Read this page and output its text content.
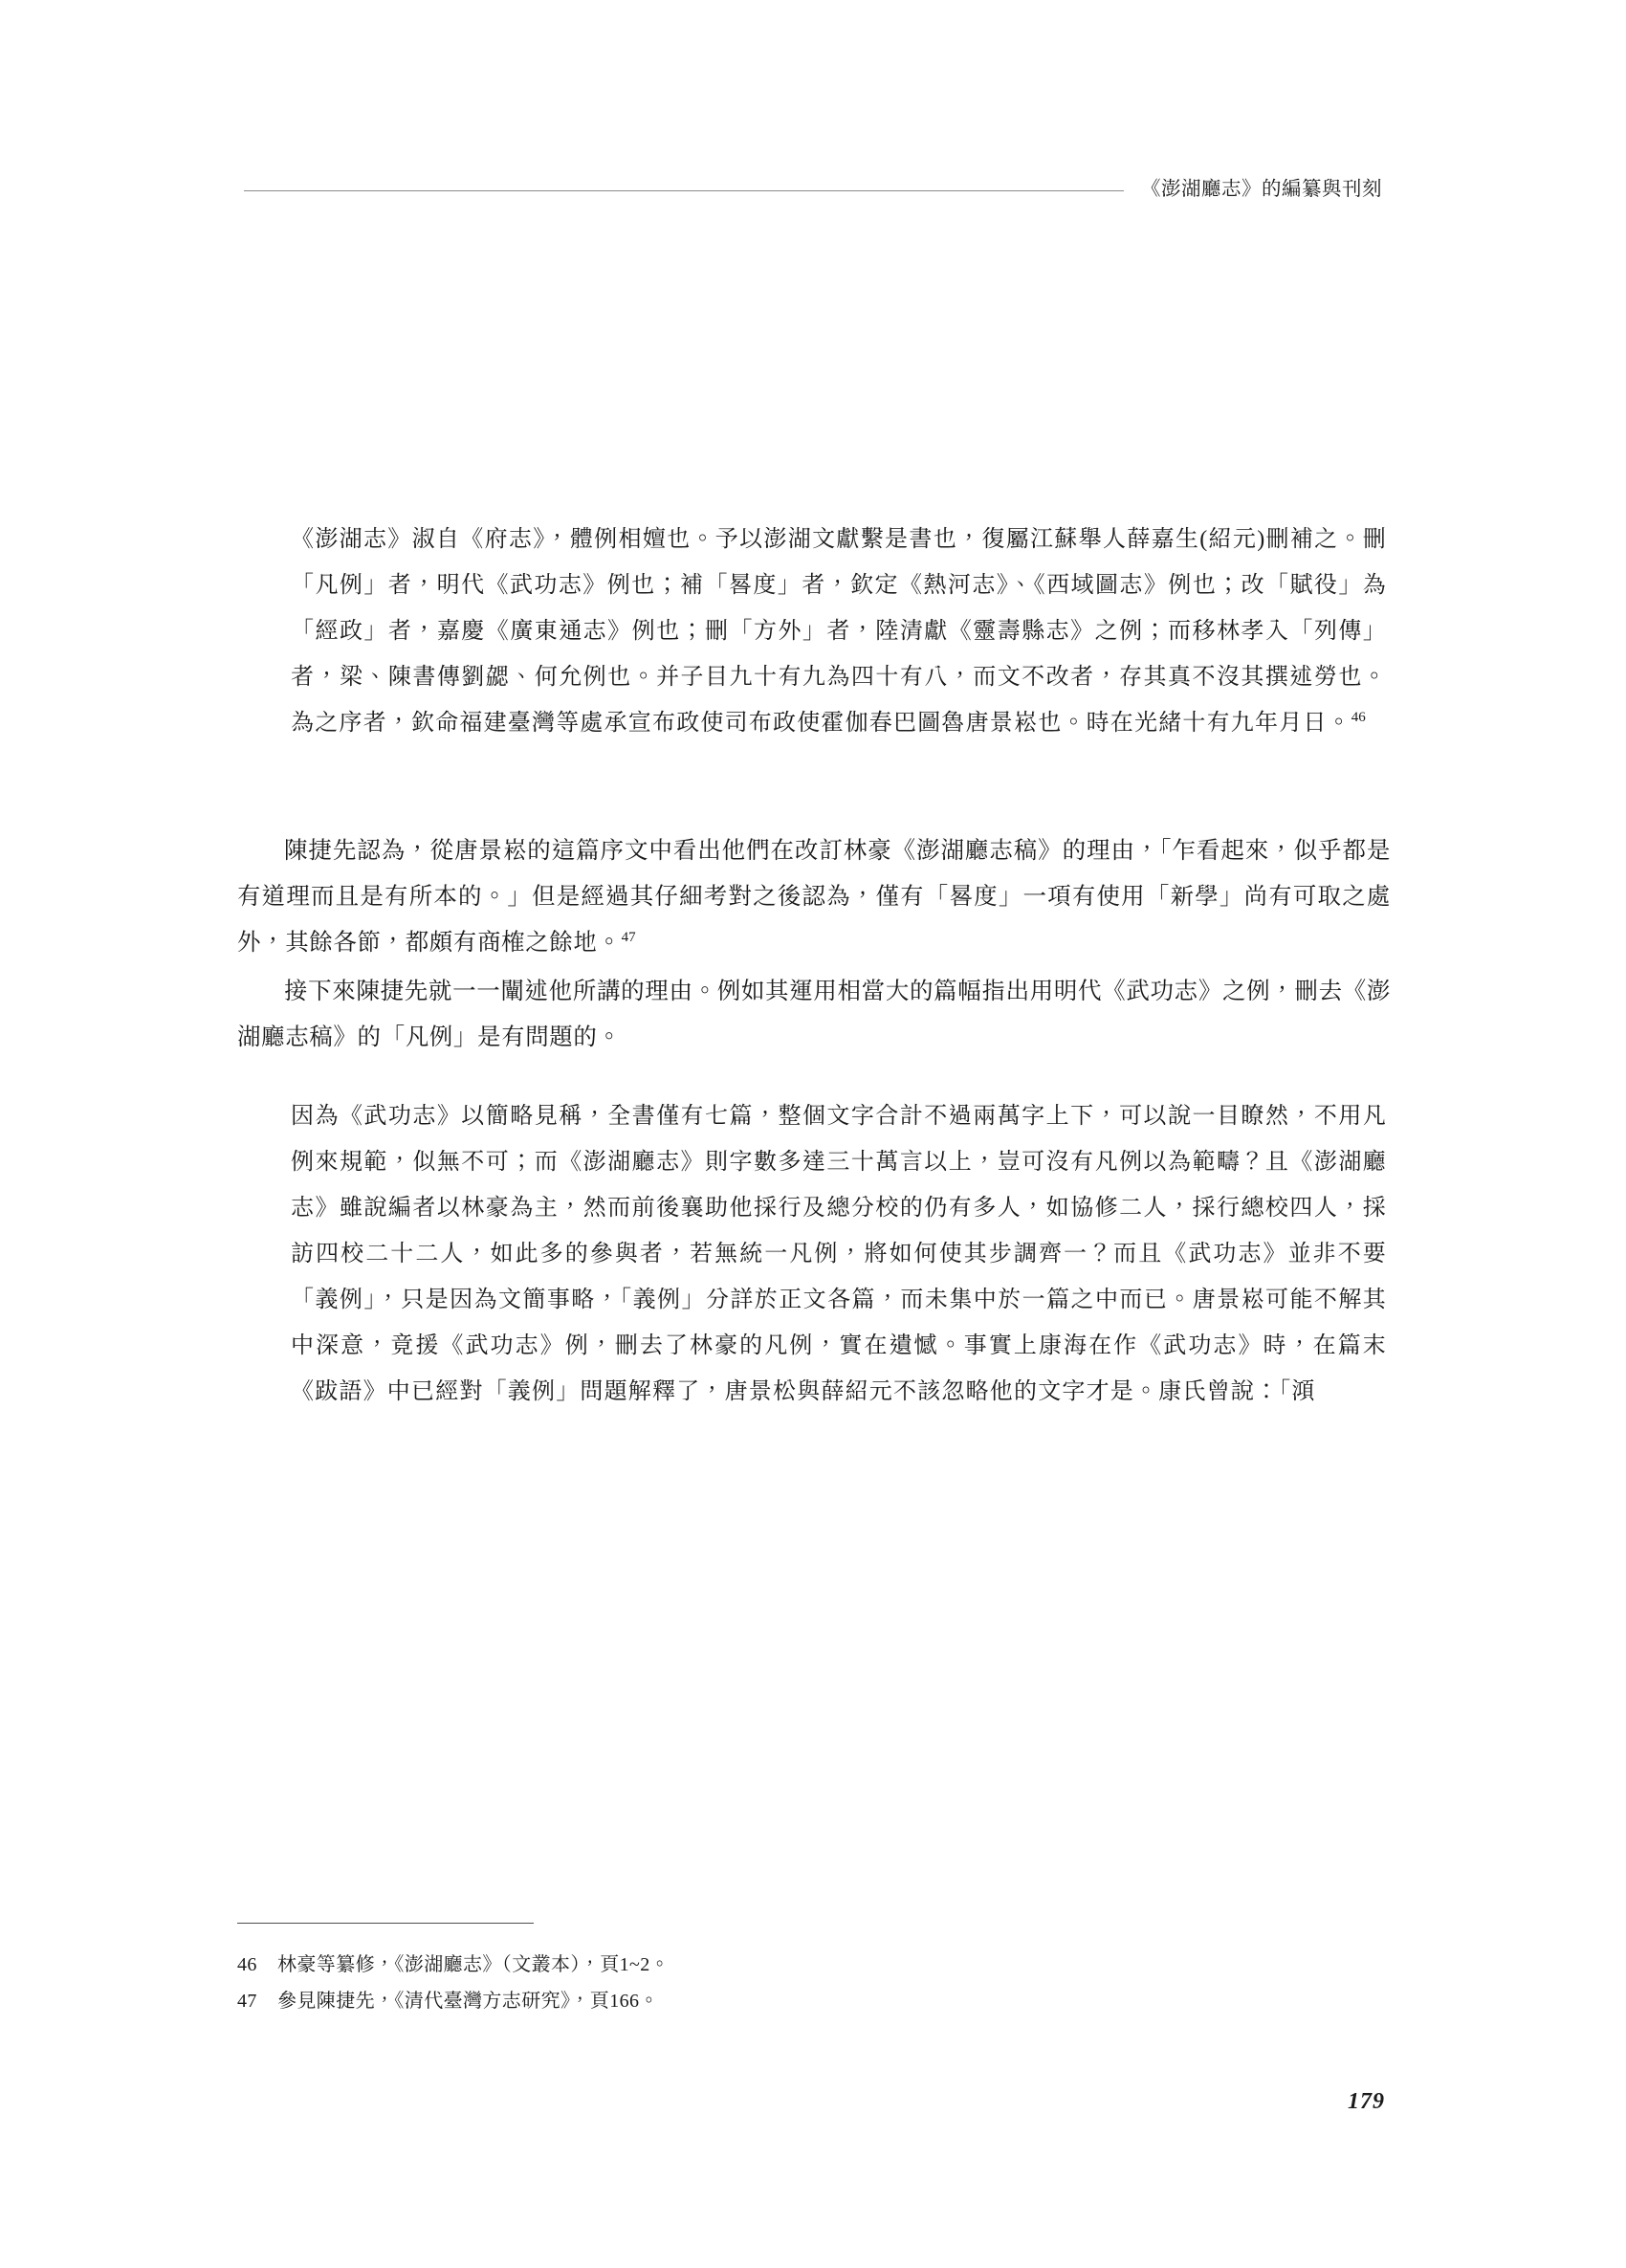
《澎湖廳志》的編纂與刊刻

《澎湖志》淑自《府志》，體例相嬗也。予以澎湖文獻繫是書也，復屬江蘇舉人薛嘉生(紹元)刪補之。刪「凡例」者，明代《武功志》例也；補「晷度」者，欽定《熱河志》、《西域圖志》例也；改「賦役」為「經政」者，嘉慶《廣東通志》例也；刪「方外」者，陸清獻《靈壽縣志》之例；而移林孝入「列傳」者，梁、陳書傳劉勰、何允例也。并子目九十有九為四十有八，而文不改者，存其真不沒其撰述勞也。為之序者，欽命福建臺灣等處承宣布政使司布政使霍伽春巴圖魯唐景崧也。時在光緒十有九年月日。$^{46}$

陳捷先認為，從唐景崧的這篇序文中看出他們在改訂林豪《澎湖廳志稿》的理由，「乍看起來，似乎都是有道理而且是有所本的。」但是經過其仔細考對之後認為，僅有「晷度」一項有使用「新學」尚有可取之處外，其餘各節，都頗有商榷之餘地。$^{47}$

接下來陳捷先就一一闡述他所講的理由。例如其運用相當大的篇幅指出用明代《武功志》之例，刪去《澎湖廳志稿》的「凡例」是有問題的。

因為《武功志》以簡略見稱，全書僅有七篇，整個文字合計不過兩萬字上下，可以說一目瞭然，不用凡例來規範，似無不可；而《澎湖廳志》則字數多達三十萬言以上，豈可沒有凡例以為範疇？且《澎湖廳志》雖說編者以林豪為主，然而前後襄助他採行及總分校的仍有多人，如協修二人，採行總校四人，採訪四校二十二人，如此多的參與者，若無統一凡例，將如何使其步調齊一？而且《武功志》並非不要「義例」，只是因為文簡事略，「義例」分詳於正文各篇，而未集中於一篇之中而已。唐景崧可能不解其中深意，竟援《武功志》例，刪去了林豪的凡例，實在遺憾。事實上康海在作《武功志》時，在篇末《跋語》中已經對「義例」問題解釋了，唐景松與薛紹元不該忽略他的文字才是。康氏曾說：「澒

46	林豪等纂修，《澎湖廳志》（文叢本），頁1~2。
47	參見陳捷先，《清代臺灣方志研究》，頁166。
179
